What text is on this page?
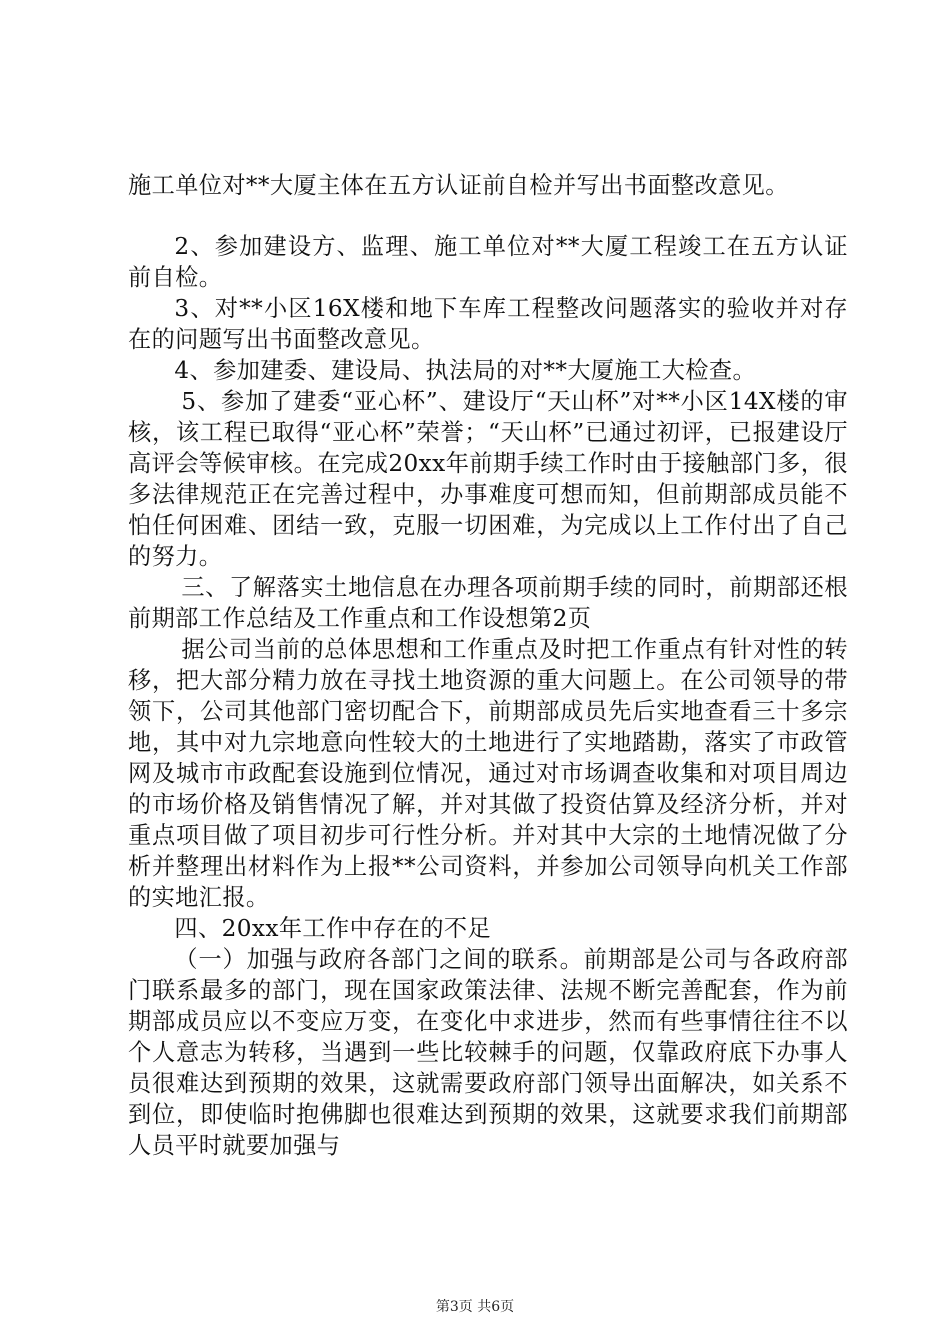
施工单位对**大厦主体在五方认证前自检并写出书面整改意见。

2、参加建设方、监理、施工单位对**大厦工程竣工在五方认证前自检。

3、对**小区16X楼和地下车库工程整改问题落实的验收并对存在的问题写出书面整改意见。

4、参加建委、建设局、执法局的对**大厦施工大检查。

5、参加了建委“亚心杯”、建设厅“天山杯”对**小区14X楼的审核，该工程已取得“亚心杯”荣誉；“天山杯”已通过初评，已报建设厅高评会等候审核。在完成20xx年前期手续工作时由于接触部门多，很多法律规范正在完善过程中，办事难度可想而知，但前期部成员能不怕任何困难、团结一致，克服一切困难，为完成以上工作付出了自己的努力。

三、了解落实土地信息在办理各项前期手续的同时，前期部还根前期部工作总结及工作重点和工作设想第2页

据公司当前的总体思想和工作重点及时把工作重点有针对性的转移，把大部分精力放在寻找土地资源的重大问题上。在公司领导的带领下，公司其他部门密切配合下，前期部成员先后实地查看三十多宗地，其中对九宗地意向性较大的土地进行了实地踏勘，落实了市政管网及城市市政配套设施到位情况，通过对市场调查收集和对项目周边的市场价格及销售情况了解，并对其做了投资估算及经济分析，并对重点项目做了项目初步可行性分析。并对其中大宗的土地情况做了分析并整理出材料作为上报**公司资料，并参加公司领导向机关工作部的实地汇报。

四、20xx年工作中存在的不足

（一）加强与政府各部门之间的联系。前期部是公司与各政府部门联系最多的部门，现在国家政策法律、法规不断完善配套，作为前期部成员应以不变应万变，在变化中求进步，然而有些事情往往不以个人意志为转移，当遇到一些比较棘手的问题，仅靠政府底下办事人员很难达到预期的效果，这就需要政府部门领导出面解决，如关系不到位，即使临时抱佛脚也很难达到预期的效果，这就要求我们前期部人员平时就要加强与

第3页 共6页
